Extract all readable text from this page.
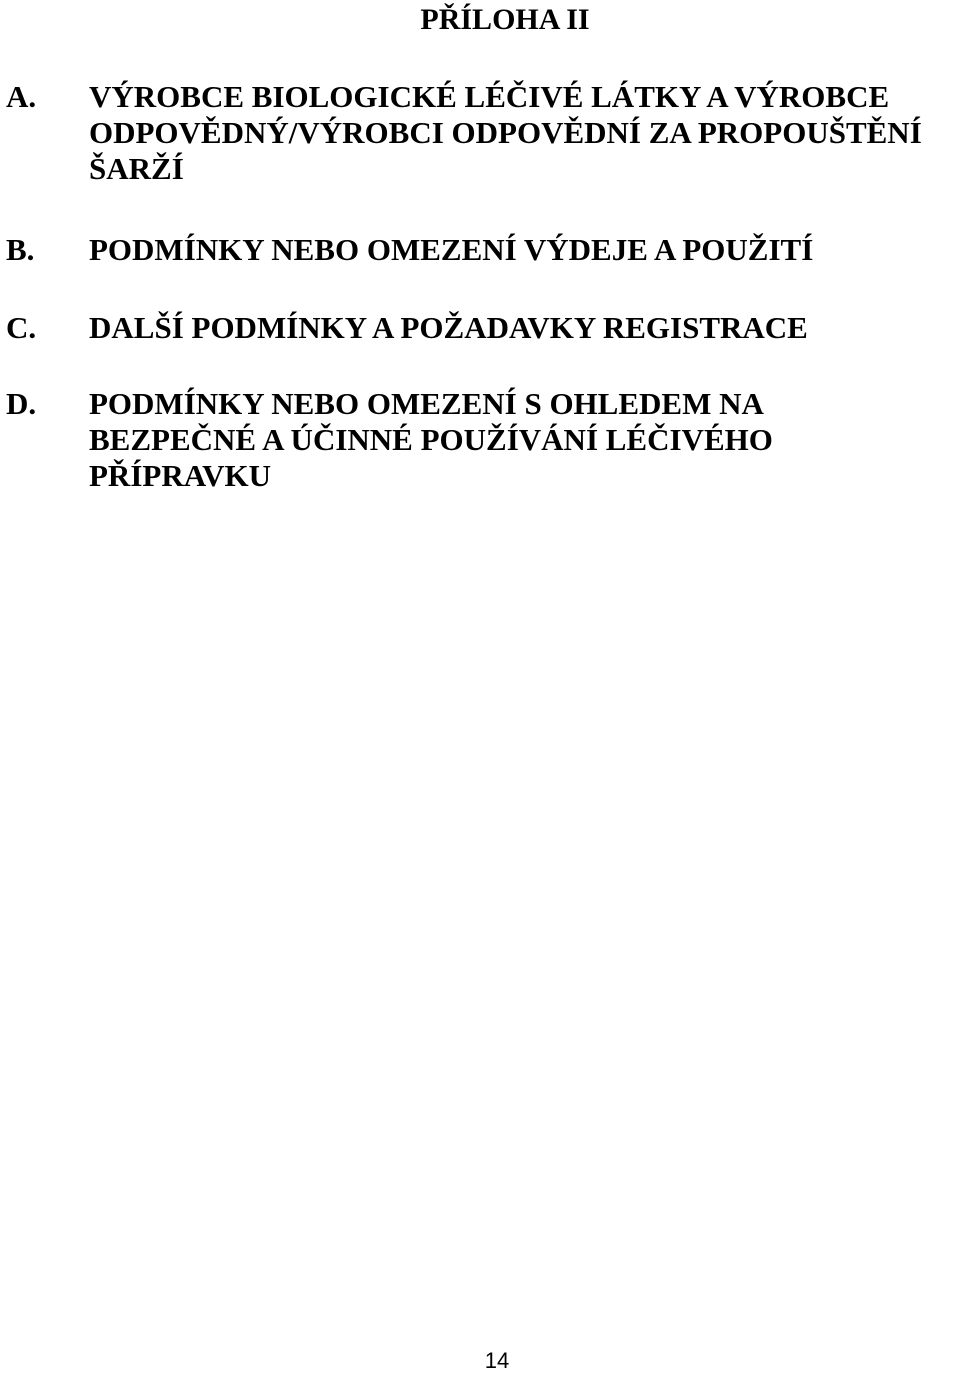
PŘÍLOHA II
A. VÝROBCE BIOLOGICKÉ LÉČIVÉ LÁTKY A VÝROBCE
ODPOVĚDNÝ/VÝROBCI ODPOVĚDNÍ ZA PROPOUŠTĚNÍ
ŠARŽÍ
B. PODMÍNKY NEBO OMEZENÍ VÝDEJE A POUŽITÍ
C. DALŠÍ PODMÍNKY A POŽADAVKY REGISTRACE
D. PODMÍNKY NEBO OMEZENÍ S OHLEDEM NA
BEZPEČNÉ A ÚČINNÉ POUŽÍVÁNÍ LÉČIVÉHO
PŘÍPRAVKU
14
